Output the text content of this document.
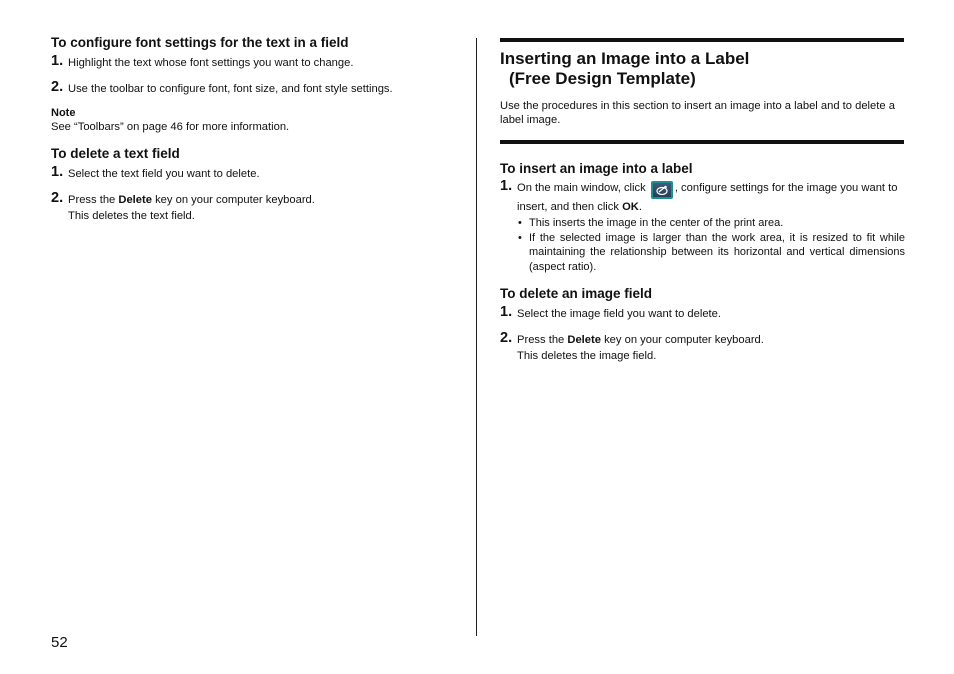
To configure font settings for the text in a field
1. Highlight the text whose font settings you want to change.
2. Use the toolbar to configure font, font size, and font style settings.
Note
See “Toolbars” on page 46 for more information.
To delete a text field
1. Select the text field you want to delete.
2. Press the Delete key on your computer keyboard.
This deletes the text field.
Inserting an Image into a Label
(Free Design Template)
Use the procedures in this section to insert an image into a label and to delete a label image.
To insert an image into a label
1. On the main window, click , configure settings for the image you want to insert, and then click OK.
• This inserts the image in the center of the print area.
• If the selected image is larger than the work area, it is resized to fit while maintaining the relationship between its horizontal and vertical dimensions (aspect ratio).
To delete an image field
1. Select the image field you want to delete.
2. Press the Delete key on your computer keyboard.
This deletes the image field.
52
